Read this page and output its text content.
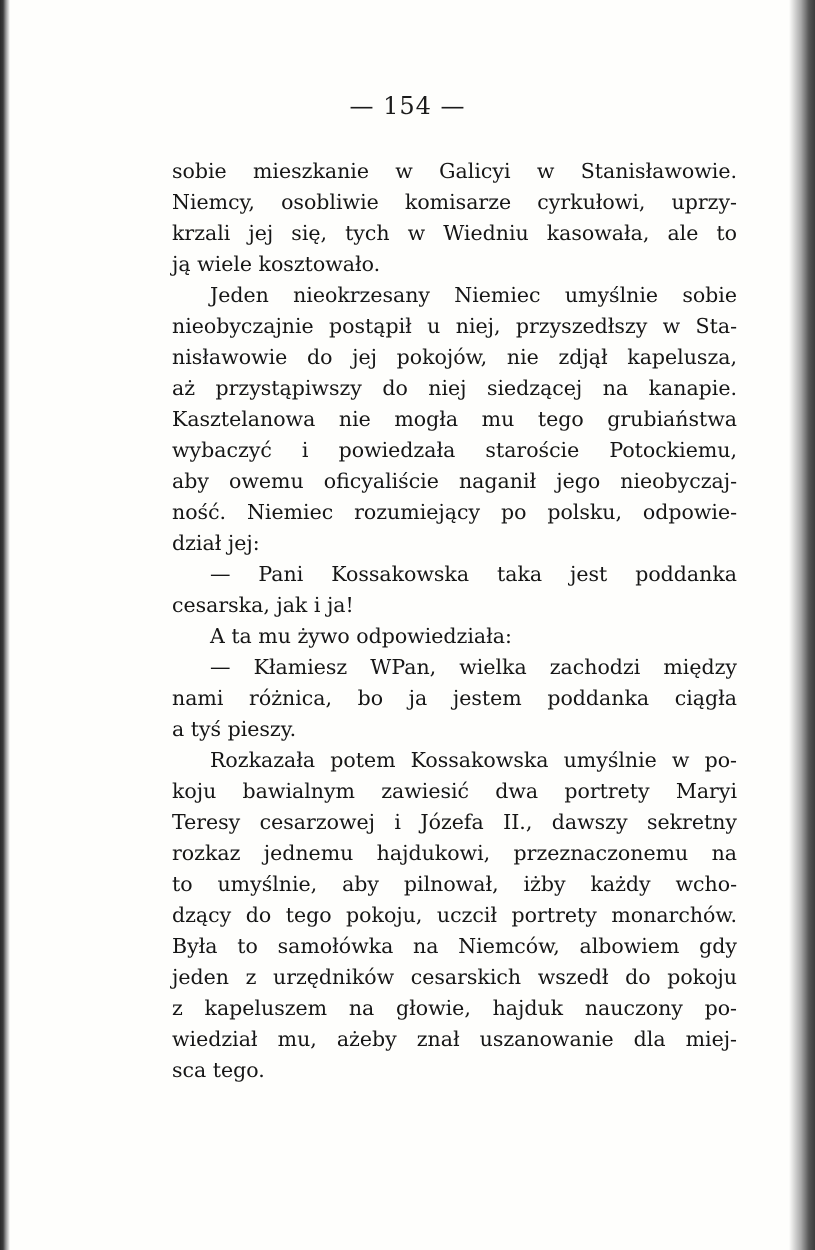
— 154 —
sobie mieszkanie w Galicyi w Stanisławowie.
Niemcy, osobliwie komisarze cyrkułowi, uprzy-
krzali jej się, tych w Wiedniu kasowała, ale to
ją wiele kosztowało.
Jeden nieokrzesany Niemiec umyślnie sobie
nieobyczajnie postąpił u niej, przyszedłszy w Sta-
nisławowie do jej pokojów, nie zdjął kapelusza,
aż przystąpiwszy do niej siedzącej na kanapie.
Kasztelanowa nie mogła mu tego grubiaństwa
wybaczyć i powiedzała staroście Potockiemu,
aby owemu oficyaliście naganił jego nieobyczaj-
ność. Niemiec rozumiejący po polsku, odpowie-
dział jej:
— Pani Kossakowska taka jest poddanka
cesarska, jak i ja!
A ta mu żywo odpowiedziała:
— Kłamiesz WPan, wielka zachodzi między
nami różnica, bo ja jestem poddanka ciągła
a tyś pieszy.
Rozkazała potem Kossakowska umyślnie w po-
koju bawialnym zawiesić dwa portrety Maryi
Teresy cesarzowej i Józefa II., dawszy sekretny
rozkaz jednemu hajdukowi, przeznaczonemu na
to umyślnie, aby pilnował, iżby każdy wcho-
dzący do tego pokoju, uczcił portrety monarchów.
Była to samołówka na Niemców, albowiem gdy
jeden z urzędników cesarskich wszedł do pokoju
z kapeluszem na głowie, hajduk nauczony po-
wiedział mu, ażeby znał uszanowanie dla miej-
sca tego.
